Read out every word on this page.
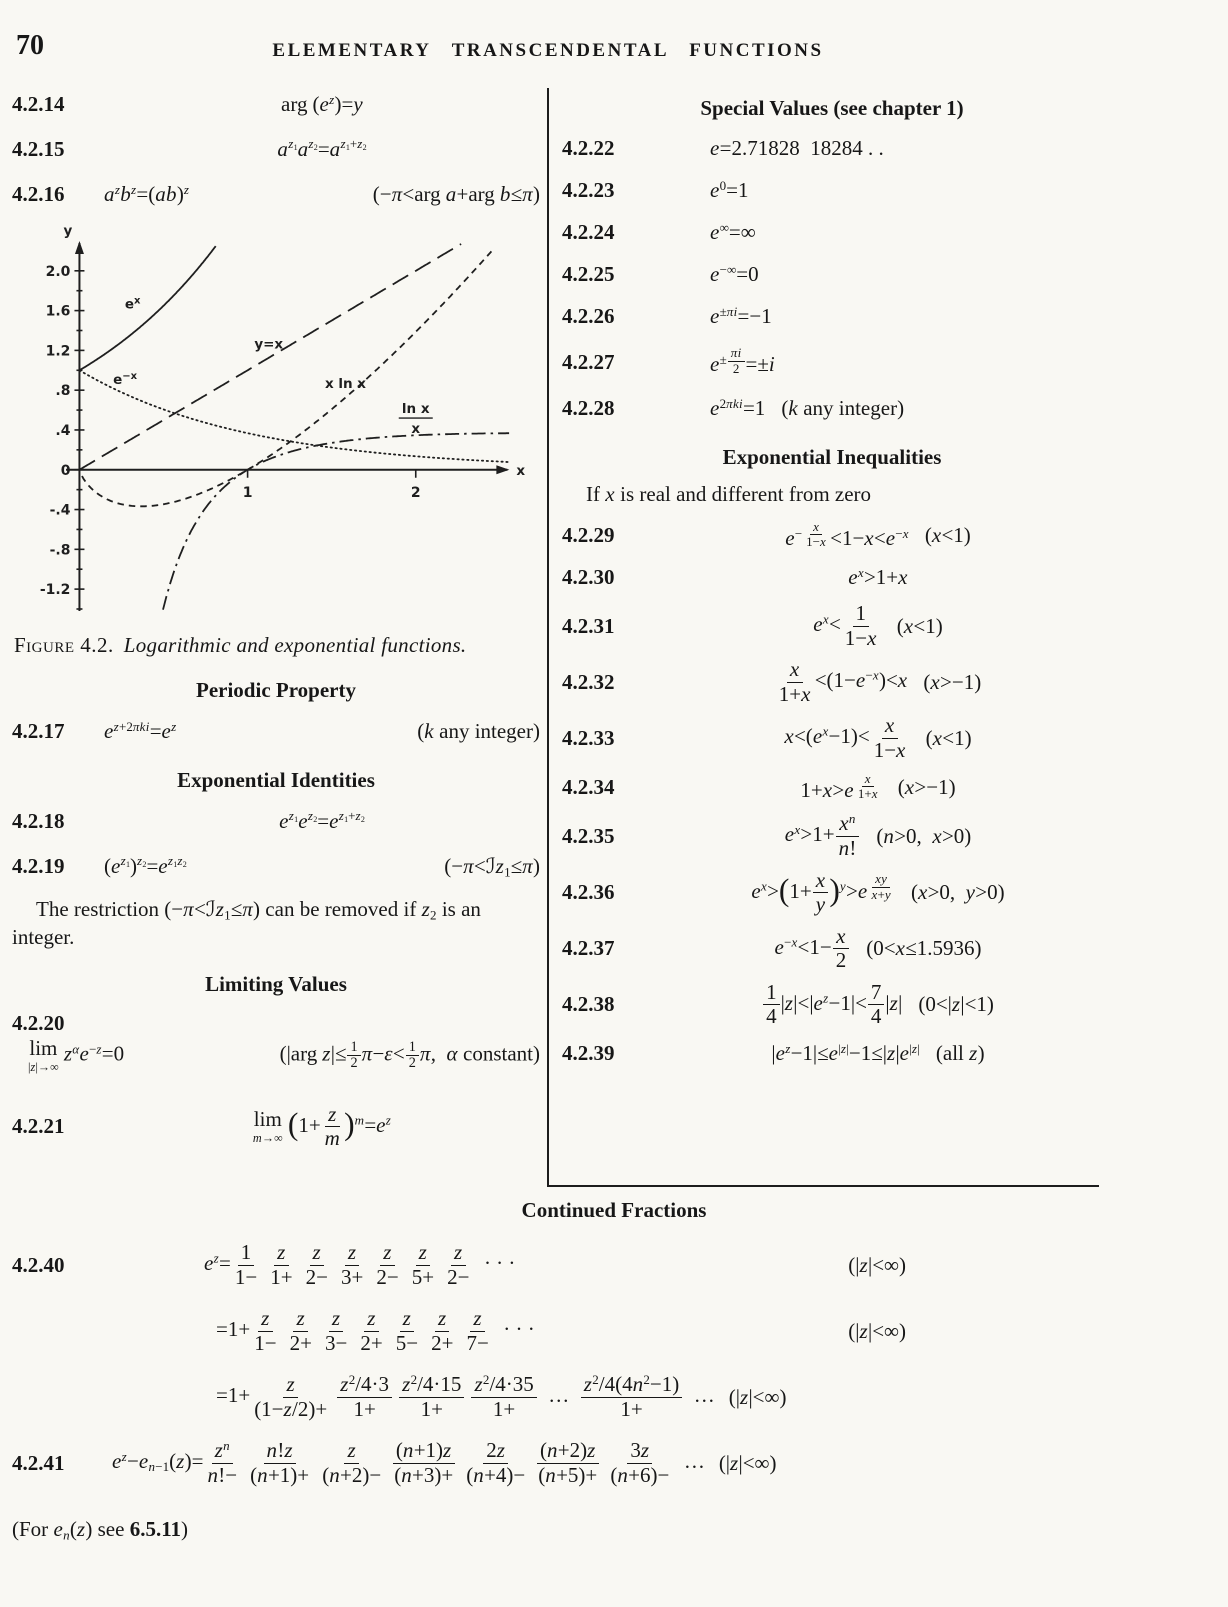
70	ELEMENTARY TRANSCENDENTAL FUNCTIONS
4.2.14	arg $(e^z)=y$
4.2.15	$a^{z_1}a^{z_2}=a^{z_1+z_2}$
4.2.16	$a^zb^z=(ab)^z$	(−π<arg a+arg b≤π)
x
y
2.0
1.6
1.2
.8
.4
0
-.4
-.8
-1.2
1	2
$e^x$
$e^{-x}$
y=x
x ln x
ln x
x
Figure 4.2. Logarithmic and exponential functions.
Periodic Property
4.2.17	$e^{z+2\pi ki}=e^z$	(k any integer)
Exponential Identities
4.2.18	$e^{z_1}e^{z_2}=e^{z_1+z_2}$
4.2.19	$(e^{z_1})^{z_2}=e^{z_1z_2}$	(−π<ℐz$_1$≤π)
The restriction (−π<ℐz$_1$≤π) can be removed if $z_2$ is an integer.
Limiting Values
4.2.20
lim
|z|→∞
$z^\alpha e^{-z}=0$	(|arg $z|\le \frac{1}{2} \pi-\varepsilon< \frac{1}{2} \pi$, α constant)
4.2.21	lim
m→∞ $(1+ \frac{z}{m} )^m=e^z$
Special Values (see chapter 1)
4.2.22	e=2.71828 18284 . .
4.2.23	$e^0=1$
4.2.24	e∞=∞
4.2.25	e−∞=0
4.2.26	$e^{\pm\pi i}=-1$
4.2.27	$e^{\pm \frac{\pi i}{2}} =\pm i$
4.2.28	$e^{2\pi ki}=1$ (k any integer)
Exponential Inequalities
If x is real and different from zero
4.2.29	$e^{- \frac{x}{1-x}} <1-x<e^{-x}$ (x<1)
4.2.30	$e^x>1+x$
4.2.31	$e^x< \frac{1}{1-x} (x<1)$
4.2.32	$\frac{x}{1+x} <(1-e^{-x})<x$ (x>−1)
4.2.33	$x<(e^x-1)< \frac{x}{1-x} (x<1)$
4.2.34	1+x>e $^{\frac{x}{1+x}}$ (x>−1)
4.2.35	$e^x>1+ \frac{x^n}{n!} (n>0$, x>0)
4.2.36	$e^x>(1+ \frac{x}{y} )^y>e$ $^{\frac{xy}{x+y}}$ (x>0, y>0)
4.2.37	$e^{-x}<1- \frac{x}{2} (0<x\le 1.5936)$
4.2.38	$\frac{1}{4} |z|<|e^z-1|< \frac{7}{4} |z|$ (0<|z|<1)
4.2.39	$|e^z-1|\le e^{|z|}-1\le|z|e^{|z|}$ (all z)
Continued Fractions
4.2.40	$e^z= \frac{1}{1-} \frac{z}{1+} \frac{z}{2-} \frac{z}{3+} \frac{z}{2-} \frac{z}{5+} \frac{z}{2-}$  · · ·	(|z|<∞)
$=1+ \frac{z}{1-} \frac{z}{2+} \frac{z}{3-} \frac{z}{2+} \frac{z}{5-} \frac{z}{2+} \frac{z}{7-}$  · · ·	(|z|<∞)
$=1+ \frac{z}{(1-z/2)+} \frac{z^2/4\cdot 3}{1+} \frac{z^2/4\cdot 15}{1+} \frac{z^2/4\cdot 35}{1+}$  …  $\frac{z^2/4(4n^2-1)}{1+}$  … (|z|<∞)
4.2.41	$e^z-e_{n-1}(z)= \frac{z^n}{n!-} \frac{n!z}{(n+1)+} \frac{z}{(n+2)-} \frac{(n+1)z}{(n+3)+} \frac{2z}{(n+4)-} \frac{(n+2)z}{(n+5)+} \frac{3z}{(n+6)-}$  … (|z|<∞)
(For $e_n(z)$ see 6.5.11)
